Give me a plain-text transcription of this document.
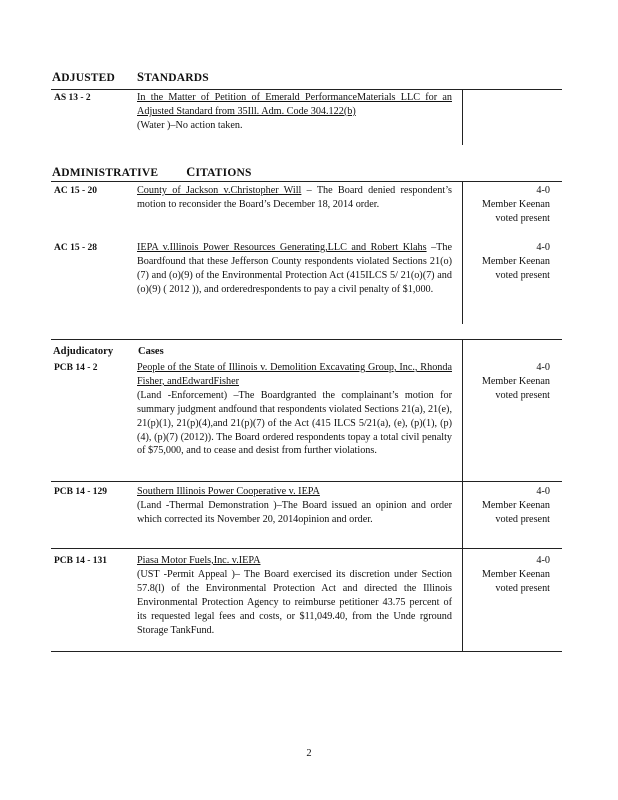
ADJUSTED STANDARDS
AS 13 - 2	In the Matter of Petition of Emerald PerformanceMaterials LLC for an Adjusted Standard from 35Ill. Adm. Code 304.122(b)
(Water )–No action taken.
ADMINISTRATIVE CITATIONS
AC 15 - 20	County of Jackson v.Christopher Will – The Board denied respondent’s motion to reconsider the Board’s December 18, 2014 order.
4-0
Member Keenan
voted present
AC 15 - 28	IEPA v.Illinois Power Resources Generating,LLC and Robert Klahs –The Boardfound that these Jefferson County respondents violated Sections 21(o)(7) and (o)(9) of the Environmental Protection Act (415ILCS 5/ 21(o)(7) and (o)(9) ( 2012 )), and orderedrespondents to pay a civil penalty of $1,000.
4-0
Member Keenan
voted present
Adjudicatory Cases
PCB 14 - 2	People of the State of Illinois v. Demolition Excavating Group, Inc., Rhonda Fisher, andEdwardFisher
(Land -Enforcement) –The Boardgranted the complainant’s motion for summary judgment andfound that respondents violated Sections 21(a), 21(e), 21(p)(1), 21(p)(4),and 21(p)(7) of the Act (415 ILCS 5/21(a), (e), (p)(1), (p)(4), (p)(7) (2012)). The Board ordered respondents topay a total civil penalty of $75,000, and to cease and desist from further violations.
4-0
Member Keenan
voted present
PCB 14 - 129	Southern Illinois Power Cooperative v. IEPA
(Land -Thermal Demonstration )–The Board issued an opinion and order which corrected its November 20, 2014opinion and order.
4-0
Member Keenan
voted present
PCB 14 - 131	Piasa Motor Fuels,Inc. v.IEPA
(UST -Permit Appeal )– The Board exercised its discretion under Section 57.8(l) of the Environmental Protection Act and directed the Illinois Environmental Protection Agency to reimburse petitioner 43.75 percent of its requested legal fees and costs, or $11,049.40, from the Unde rground Storage TankFund.
4-0
Member Keenan
voted present
2
